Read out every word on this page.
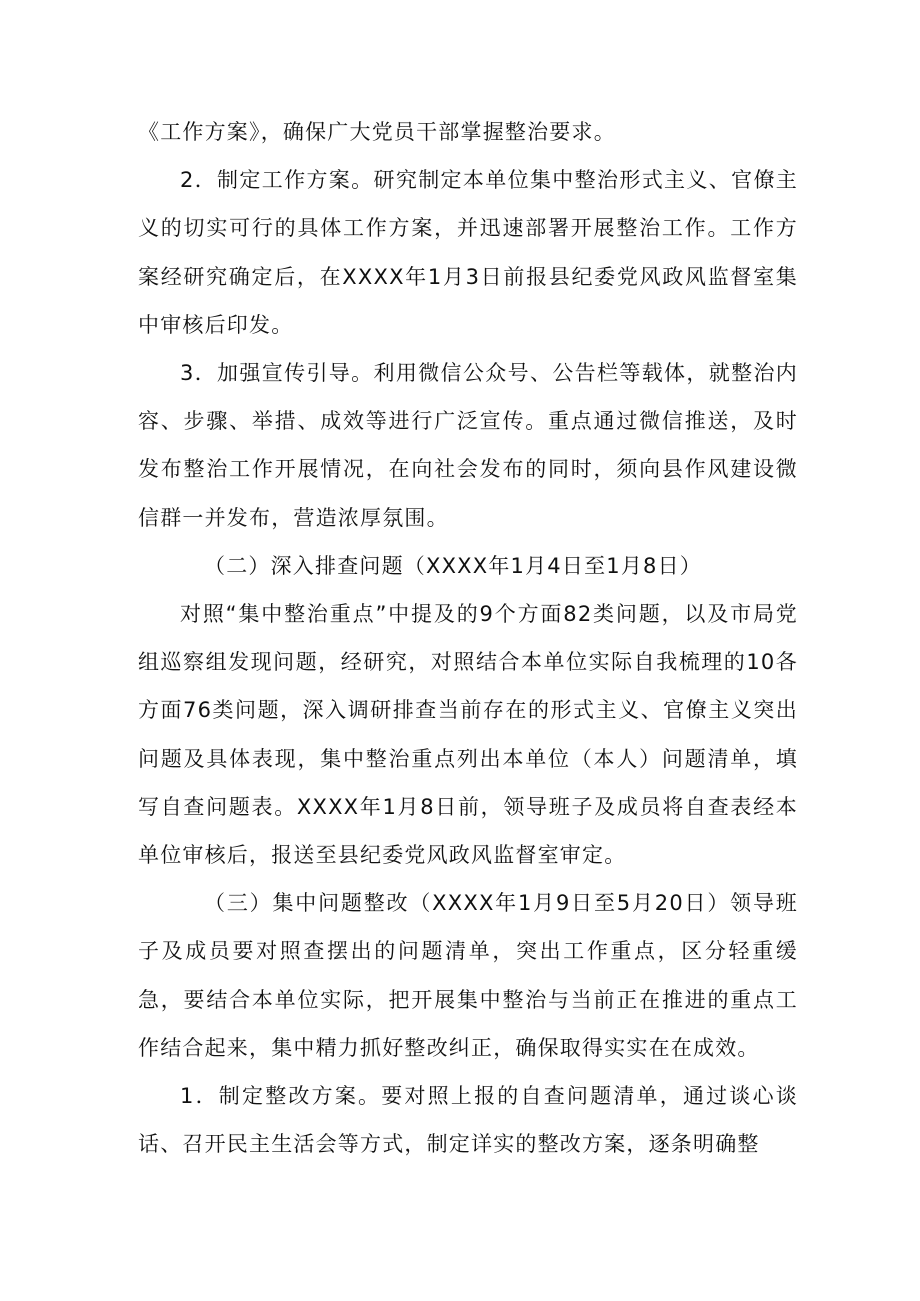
《工作方案》，确保广大党员干部掌握整治要求。

2．制定工作方案。研究制定本单位集中整治形式主义、官僚主义的切实可行的具体工作方案，并迅速部署开展整治工作。工作方案经研究确定后，在XXXX年1月3日前报县纪委党风政风监督室集中审核后印发。

3．加强宣传引导。利用微信公众号、公告栏等载体，就整治内容、步骤、举措、成效等进行广泛宣传。重点通过微信推送，及时发布整治工作开展情况，在向社会发布的同时，须向县作风建设微信群一并发布，营造浓厚氛围。

（二）深入排查问题（XXXX年1月4日至1月8日）

对照“集中整治重点”中提及的9个方面82类问题，以及市局党组巡察组发现问题，经研究，对照结合本单位实际自我梳理的10各方面76类问题，深入调研排查当前存在的形式主义、官僚主义突出问题及具体表现，集中整治重点列出本单位（本人）问题清单，填写自查问题表。XXXX年1月8日前，领导班子及成员将自查表经本单位审核后，报送至县纪委党风政风监督室审定。

（三）集中问题整改（XXXX年1月9日至5月20日）领导班子及成员要对照查摆出的问题清单，突出工作重点，区分轻重缓急，要结合本单位实际，把开展集中整治与当前正在推进的重点工作结合起来，集中精力抓好整改纠正，确保取得实实在在成效。

1．制定整改方案。要对照上报的自查问题清单，通过谈心谈话、召开民主生活会等方式，制定详实的整改方案，逐条明确整
